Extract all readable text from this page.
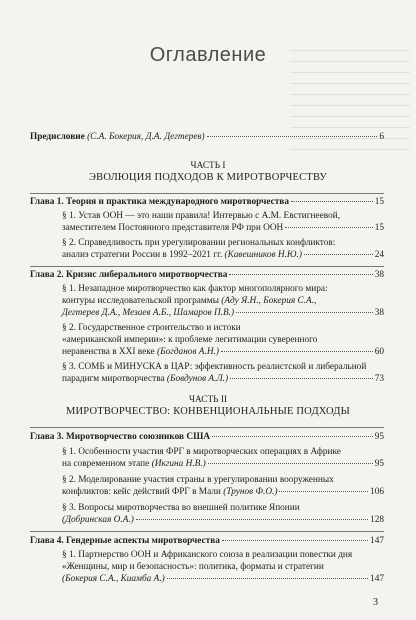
Оглавление
Предисловие (С.А. Бокерия, Д.А. Дегтерев)	6
ЧАСТЬ I
ЭВОЛЮЦИЯ ПОДХОДОВ К МИРОТВОРЧЕСТВУ
Глава 1. Теория и практика международного миротворчества	15
§ 1. Устав ООН — это наши правила! Интервью с А.М. Евстигнеевой,
заместителем Постоянного представителя РФ при ООН	15
§ 2. Справедливость при урегулировании региональных конфликтов:
анализ стратегии России в 1992–2021 гг. (Кавешников Н.Ю.)	24
Глава 2. Кризис либерального миротворчества	38
§ 1. Незападное миротворчество как фактор многополярного мира:
контуры исследовательской программы (Аду Я.Н., Бокерия С.А.,
Дегтерев Д.А., Мезаев А.Б., Шамаров П.В.)	38
§ 2. Государственное строительство и истоки
«американской империи»: к проблеме легитимации суверенного
неравенства в XXI веке (Богданов А.Н.)	60
§ 3. СОМБ и МИНУСКА в ЦАР: эффективность реалистской и либеральной
парадигм миротворчества (Бовдунов А.Л.)	73
ЧАСТЬ II
МИРОТВОРЧЕСТВО: КОНВЕНЦИОНАЛЬНЫЕ ПОДХОДЫ
Глава 3. Миротворчество союзников США	95
§ 1. Особенности участия ФРГ в миротворческих операциях в Африке
на современном этапе (Икгина Н.В.)	95
§ 2. Моделирование участия страны в урегулировании вооруженных
конфликтов: кейс действий ФРГ в Мали (Трунов Ф.О.)	106
§ 3. Вопросы миротворчества во внешней политике Японии
(Добринская О.А.)	128
Глава 4. Гендерные аспекты миротворчества	147
§ 1. Партнерство ООН и Африканского союза в реализации повестки дня
«Женщины, мир и безопасность»: политика, форматы и стратегии
(Бокерия С.А., Киамба А.)	147
3
